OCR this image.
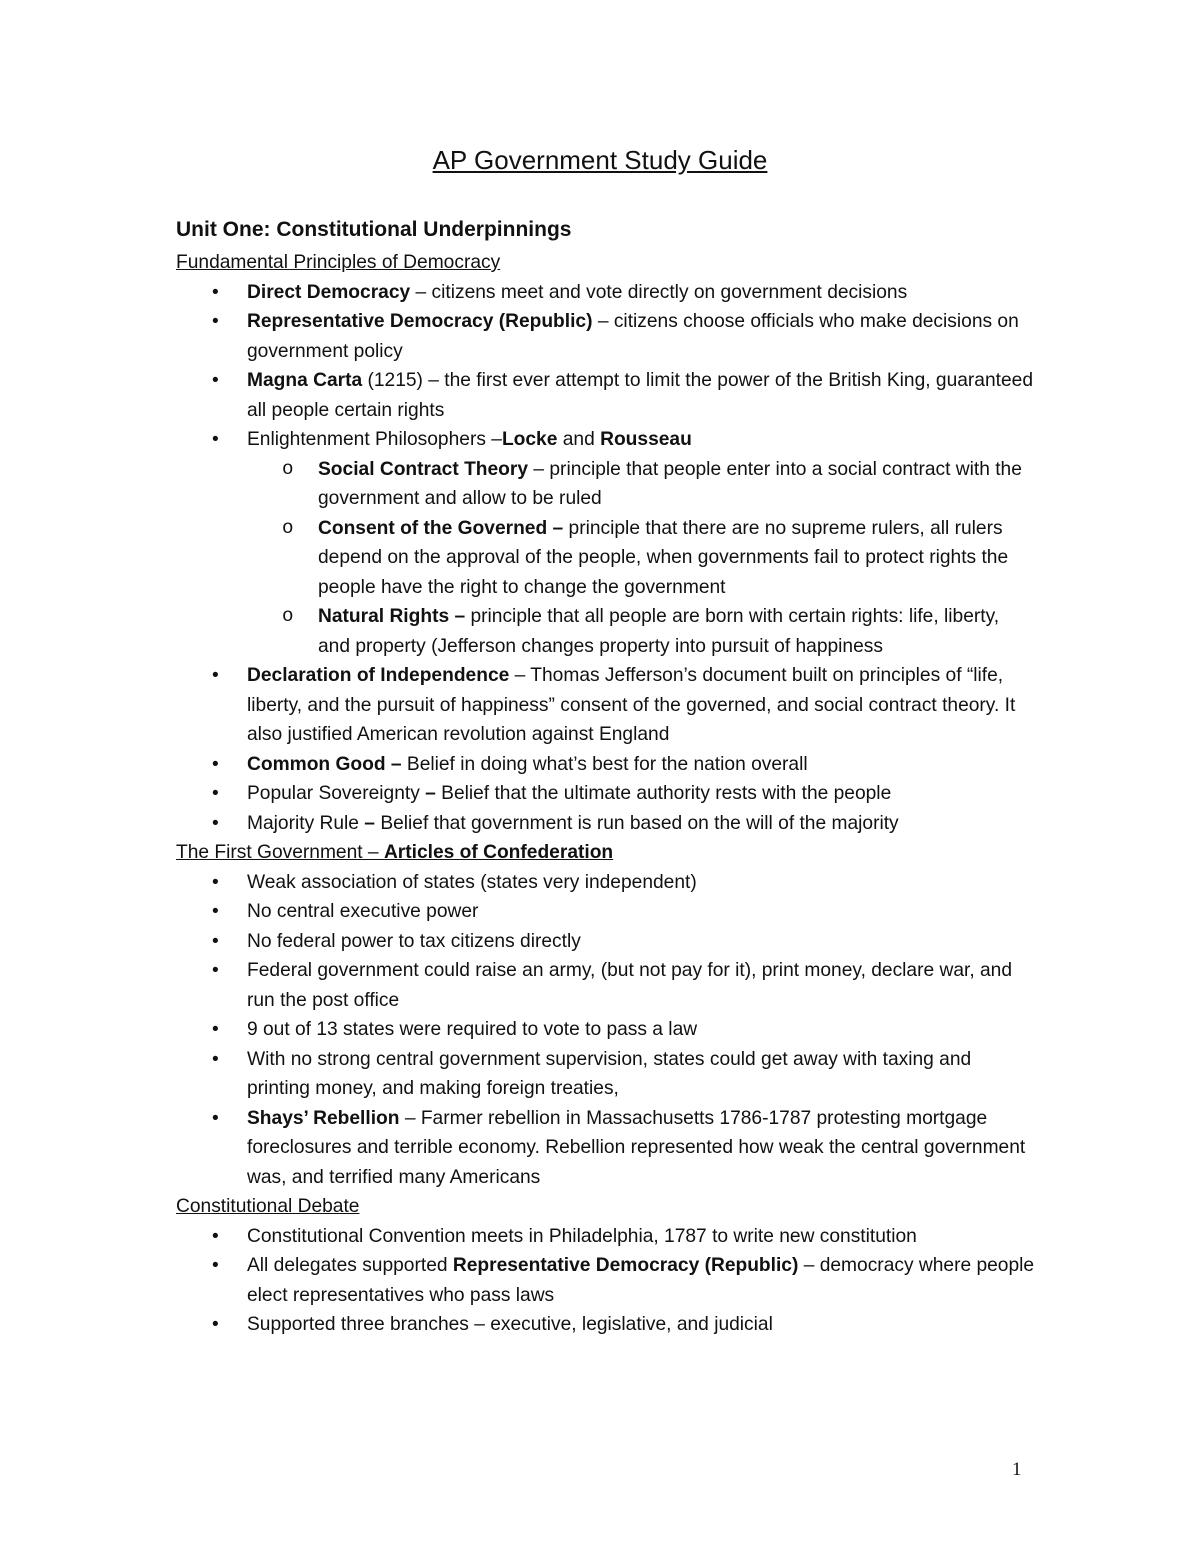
AP Government Study Guide
Unit One: Constitutional Underpinnings
Fundamental Principles of Democracy
• Direct Democracy – citizens meet and vote directly on government decisions
• Representative Democracy (Republic) – citizens choose officials who make decisions on government policy
• Magna Carta (1215) – the first ever attempt to limit the power of the British King, guaranteed all people certain rights
• Enlightenment Philosophers –Locke and Rousseau
o Social Contract Theory – principle that people enter into a social contract with the government and allow to be ruled
o Consent of the Governed – principle that there are no supreme rulers, all rulers depend on the approval of the people, when governments fail to protect rights the people have the right to change the government
o Natural Rights – principle that all people are born with certain rights: life, liberty, and property (Jefferson changes property into pursuit of happiness
• Declaration of Independence – Thomas Jefferson’s document built on principles of “life, liberty, and the pursuit of happiness” consent of the governed, and social contract theory. It also justified American revolution against England
• Common Good – Belief in doing what’s best for the nation overall
• Popular Sovereignty – Belief that the ultimate authority rests with the people
• Majority Rule – Belief that government is run based on the will of the majority
The First Government – Articles of Confederation
• Weak association of states (states very independent)
• No central executive power
• No federal power to tax citizens directly
• Federal government could raise an army, (but not pay for it), print money, declare war, and run the post office
• 9 out of 13 states were required to vote to pass a law
• With no strong central government supervision, states could get away with taxing and printing money, and making foreign treaties,
• Shays’ Rebellion – Farmer rebellion in Massachusetts 1786-1787 protesting mortgage foreclosures and terrible economy. Rebellion represented how weak the central government was, and terrified many Americans
Constitutional Debate
• Constitutional Convention meets in Philadelphia, 1787 to write new constitution
• All delegates supported Representative Democracy (Republic) – democracy where people elect representatives who pass laws
• Supported three branches – executive, legislative, and judicial
1
